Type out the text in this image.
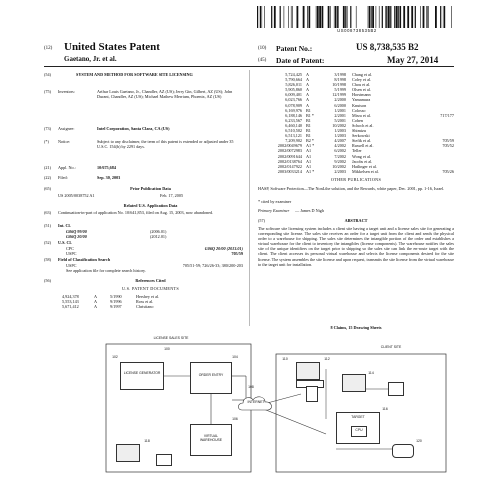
US008738535B2
(12) United States Patent
Gaetano, Jr. et al.
(10) Patent No.:	US 8,738,535 B2
(45) Date of Patent:	May 27, 2014
(54)	SYSTEM AND METHOD FOR SOFTWARE SITE LICENSING
(75) Inventors:	Arthur Louis Gaetano, Jr., Chandler, AZ (US); Jerry Gin, Gilbert, AZ (US); John Durant, Chandler, AZ (US); Michael Mathew Merriam, Phoenix, AZ (US)
(73) Assignee:	Intel Corporation, Santa Clara, CA (US)
(*) Notice:	Subject to any disclaimer, the term of this patent is extended or adjusted under 35 U.S.C. 154(b) by 2291 days.
(21) Appl. No.:	10/675,684
(22) Filed:	Sep. 30, 2003
(65)	Prior Publication Data
US 2005/0038752 A1	Feb. 17, 2005
Related U.S. Application Data
(63) Continuation-in-part of application No. 10/641,853, filed on Aug. 15, 2003, now abandoned.
(51) Int. Cl.
G06Q 99/00	(2006.01)
G06Q 20/00	(2012.01)
(52) U.S. Cl.
CPC	G06Q 20/00 (2013.01)
USPC	705/59
(58) Field of Classification Search
USPC	705/51-59; 726/26-33; 380/200-203
See application file for complete search history.
(56)	References Cited
U.S. PATENT DOCUMENTS
4,924,378	A	5/1990	Hershey et al.
5,553,143	A	9/1996	Ross et al.
5,671,412	A	9/1997	Christiano
5,724,425 A	3/1998 Chang et al.
5,790,664 A	8/1998 Coley et al.
5,826,011 A	10/1998 Chou et al.
5,905,860 A	5/1999 Olsen et al.
6,009,401 A	12/1999 Horstmann
6,023,766 A	2/2000 Yamamura
6,078,909 A	6/2000 Knutson
6,169,976 B1	1/2001 Colosso
6,188,146 B1 *	2/2001 Misra et al.	717/177
6,233,567 B1	5/2001 Cohen
6,460,140 B1	10/2002 Schoch et al.
6,510,502 B1	1/2003 Shimizu
6,513,121 B1	1/2003 Serkowski
7,209,902 B2 *	4/2007 Stefik et al.	705/59
2002/0049679 A1 *	4/2002 Russell et al.	705/52
2002/0072983 A1	6/2002 Teller
2002/0091644 A1	7/2002 Wong et al.
2002/0138764 A1	9/2002 Jacobs et al.
2002/0147922 A1	10/2002 Hatlinger et al.
2003/0033214 A1 *	2/2003 Mikkelsen et al.	705/26
OTHER PUBLICATIONS
HASP, Software Protection—The NonLthe solution, and the Rewards, white paper, Dec. 2001, pp. 1-16, Israel.
* cited by examiner
Primary Examiner — James D Nigh
(57)	ABSTRACT
The software site licensing system includes a client site having a target unit and a license sales site for generating a corresponding site license. The sales site receives an order for a target unit from the client and sends the physical order to a warehouse for shipping. The sales site determines the intangible portion of the order and establishes a virtual warehouse for the client to inventory the intangibles (license components). The warehouse notifies the sales site of the unique identifiers on the target prior to shipping so the sales site can link the en-route target with the client. The client accesses its personal virtual warehouse and selects the license components desired for the site license. The system assembles the site license and upon request, transmits the site license from the virtual warehouse to the target unit for installation.
8 Claims, 15 Drawing Sheets
LICENSE SALES SITE
CLIENT SITE
LICENSE GENERATOR	ORDER ENTRY
VIRTUAL WAREHOUSE
INTERNET
TARGET
CPU
100
102	104
106
108
110	112
114
116
118	120
